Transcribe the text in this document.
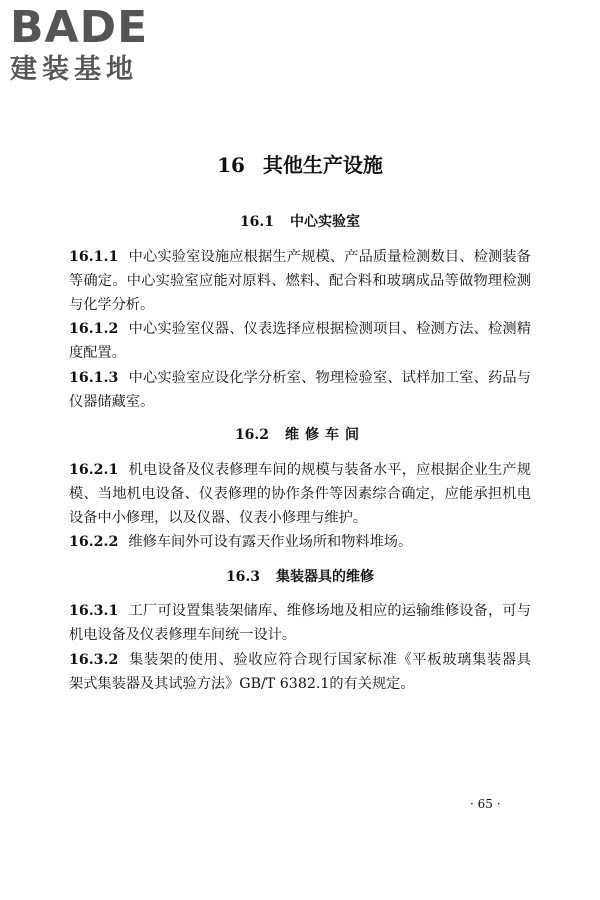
BADE
建装基地
16 其他生产设施
16.1 中心实验室
16.1.1 中心实验室设施应根据生产规模、产品质量检测数目、检测装备等确定。中心实验室应能对原料、燃料、配合料和玻璃成品等做物理检测与化学分析。
16.1.2 中心实验室仪器、仪表选择应根据检测项目、检测方法、检测精度配置。
16.1.3 中心实验室应设化学分析室、物理检验室、试样加工室、药品与仪器储藏室。
16.2 维修车间
16.2.1 机电设备及仪表修理车间的规模与装备水平，应根据企业生产规模、当地机电设备、仪表修理的协作条件等因素综合确定，应能承担机电设备中小修理，以及仪器、仪表小修理与维护。
16.2.2 维修车间外可设有露天作业场所和物料堆场。
16.3 集装器具的维修
16.3.1 工厂可设置集装架储库、维修场地及相应的运输维修设备，可与机电设备及仪表修理车间统一设计。
16.3.2 集装架的使用、验收应符合现行国家标准《平板玻璃集装器具　架式集装器及其试验方法》GB/T 6382.1的有关规定。
· 65 ·
